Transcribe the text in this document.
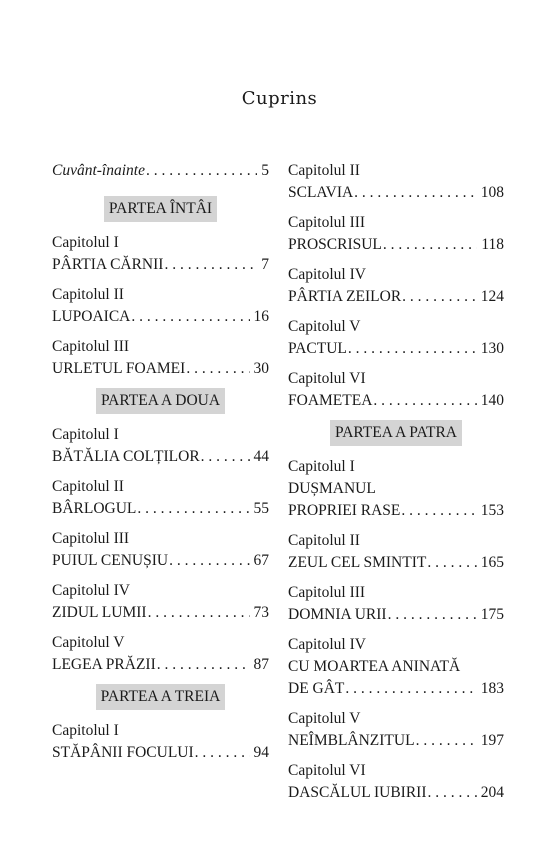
Cuprins
Cuvânt-înainte . . .	5
PARTEA ÎNTÂI
Capitolul I
PÂRTIA CĂRNII . . .	7
Capitolul II
LUPOAICA . . .	16
Capitolul III
URLETUL FOAMEI . . .	30
PARTEA A DOUA
Capitolul I
BĂTĂLIA COLȚILOR . . .	44
Capitolul II
BÂRLOGUL . . .	55
Capitolul III
PUIUL CENUȘIU . . .	67
Capitolul IV
ZIDUL LUMII . . .	73
Capitolul V
LEGEA PRĂZII . . .	87
PARTEA A TREIA
Capitolul I
STĂPÂNII FOCULUI . . .	94
Capitolul II
SCLAVIA . . .	108
Capitolul III
PROSCRISUL . . .	118
Capitolul IV
PÂRTIA ZEILOR . . .	124
Capitolul V
PACTUL . . .	130
Capitolul VI
FOAMETEA . . .	140
PARTEA A PATRA
Capitolul I
DUȘMANUL
PROPRIEI RASE . . .	153
Capitolul II
ZEUL CEL SMINTIT . . .	165
Capitolul III
DOMNIA URII . . .	175
Capitolul IV
CU MOARTEA ANINATĂ
DE GÂT . . .	183
Capitolul V
NEÎMBLÂNZITUL . . .	197
Capitolul VI
DASCĂLUL IUBIRII . . .	204
